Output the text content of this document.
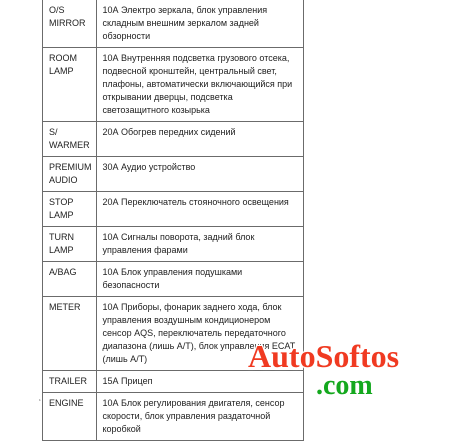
O/S MIRROR	10А Электро зеркала, блок управления складным внешним зеркалом задней обзорности
ROOM LAMP	10А Внутренняя подсветка грузового отсека, подвесной кронштейн, центральный свет, плафоны, автоматически включающийся при открывании дверцы, подсветка светозащитного козырька
S/ WARMER	20А Обогрев передних сидений
PREMIUM AUDIO	30А Аудио устройство
STOP LAMP	20А Переключатель стояночного освещения
TURN LAMP	10А Сигналы поворота, задний блок управления фарами
A/BAG	10А Блок управления подушками безопасности
METER	10А Приборы, фонарик заднего хода, блок управления воздушным кондиционером сенсор AQS, переключатель передаточного диапазона (лишь А/Т), блок управления ECAT (лишь А/Т)
TRAILER	15А Прицеп
ENGINE	10А Блок регулирования двигателя, сенсор скорости, блок управления раздаточной коробкой
AutoSoftos
.com
‘
